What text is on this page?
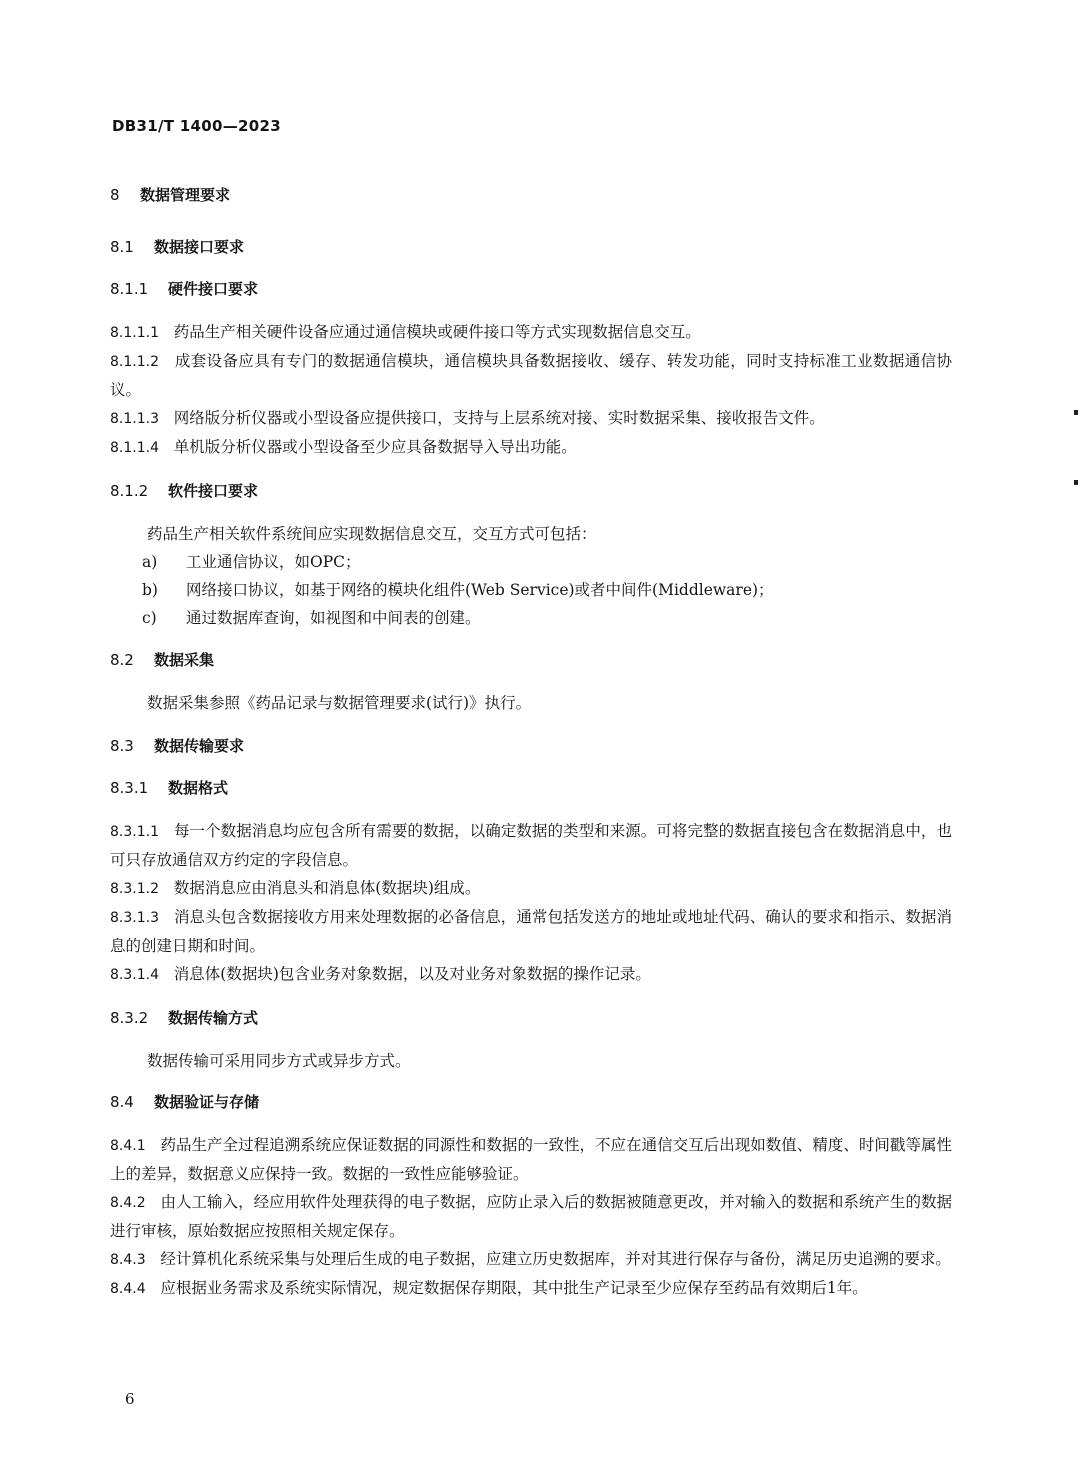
DB31/T 1400—2023
8 数据管理要求
8.1 数据接口要求
8.1.1 硬件接口要求
8.1.1.1 药品生产相关硬件设备应通过通信模块或硬件接口等方式实现数据信息交互。
8.1.1.2 成套设备应具有专门的数据通信模块，通信模块具备数据接收、缓存、转发功能，同时支持标准工业数据通信协议。
8.1.1.3 网络版分析仪器或小型设备应提供接口，支持与上层系统对接、实时数据采集、接收报告文件。
8.1.1.4 单机版分析仪器或小型设备至少应具备数据导入导出功能。
8.1.2 软件接口要求
药品生产相关软件系统间应实现数据信息交互，交互方式可包括：
a) 工业通信协议，如OPC；
b) 网络接口协议，如基于网络的模块化组件(Web Service)或者中间件(Middleware)；
c) 通过数据库查询，如视图和中间表的创建。
8.2 数据采集
数据采集参照《药品记录与数据管理要求(试行)》执行。
8.3 数据传输要求
8.3.1 数据格式
8.3.1.1 每一个数据消息均应包含所有需要的数据，以确定数据的类型和来源。可将完整的数据直接包含在数据消息中，也可只存放通信双方约定的字段信息。
8.3.1.2 数据消息应由消息头和消息体(数据块)组成。
8.3.1.3 消息头包含数据接收方用来处理数据的必备信息，通常包括发送方的地址或地址代码、确认的要求和指示、数据消息的创建日期和时间。
8.3.1.4 消息体(数据块)包含业务对象数据，以及对业务对象数据的操作记录。
8.3.2 数据传输方式
数据传输可采用同步方式或异步方式。
8.4 数据验证与存储
8.4.1 药品生产全过程追溯系统应保证数据的同源性和数据的一致性，不应在通信交互后出现如数值、精度、时间戳等属性上的差异，数据意义应保持一致。数据的一致性应能够验证。
8.4.2 由人工输入，经应用软件处理获得的电子数据，应防止录入后的数据被随意更改，并对输入的数据和系统产生的数据进行审核，原始数据应按照相关规定保存。
8.4.3 经计算机化系统采集与处理后生成的电子数据，应建立历史数据库，并对其进行保存与备份，满足历史追溯的要求。
8.4.4 应根据业务需求及系统实际情况，规定数据保存期限，其中批生产记录至少应保存至药品有效期后1年。
6
